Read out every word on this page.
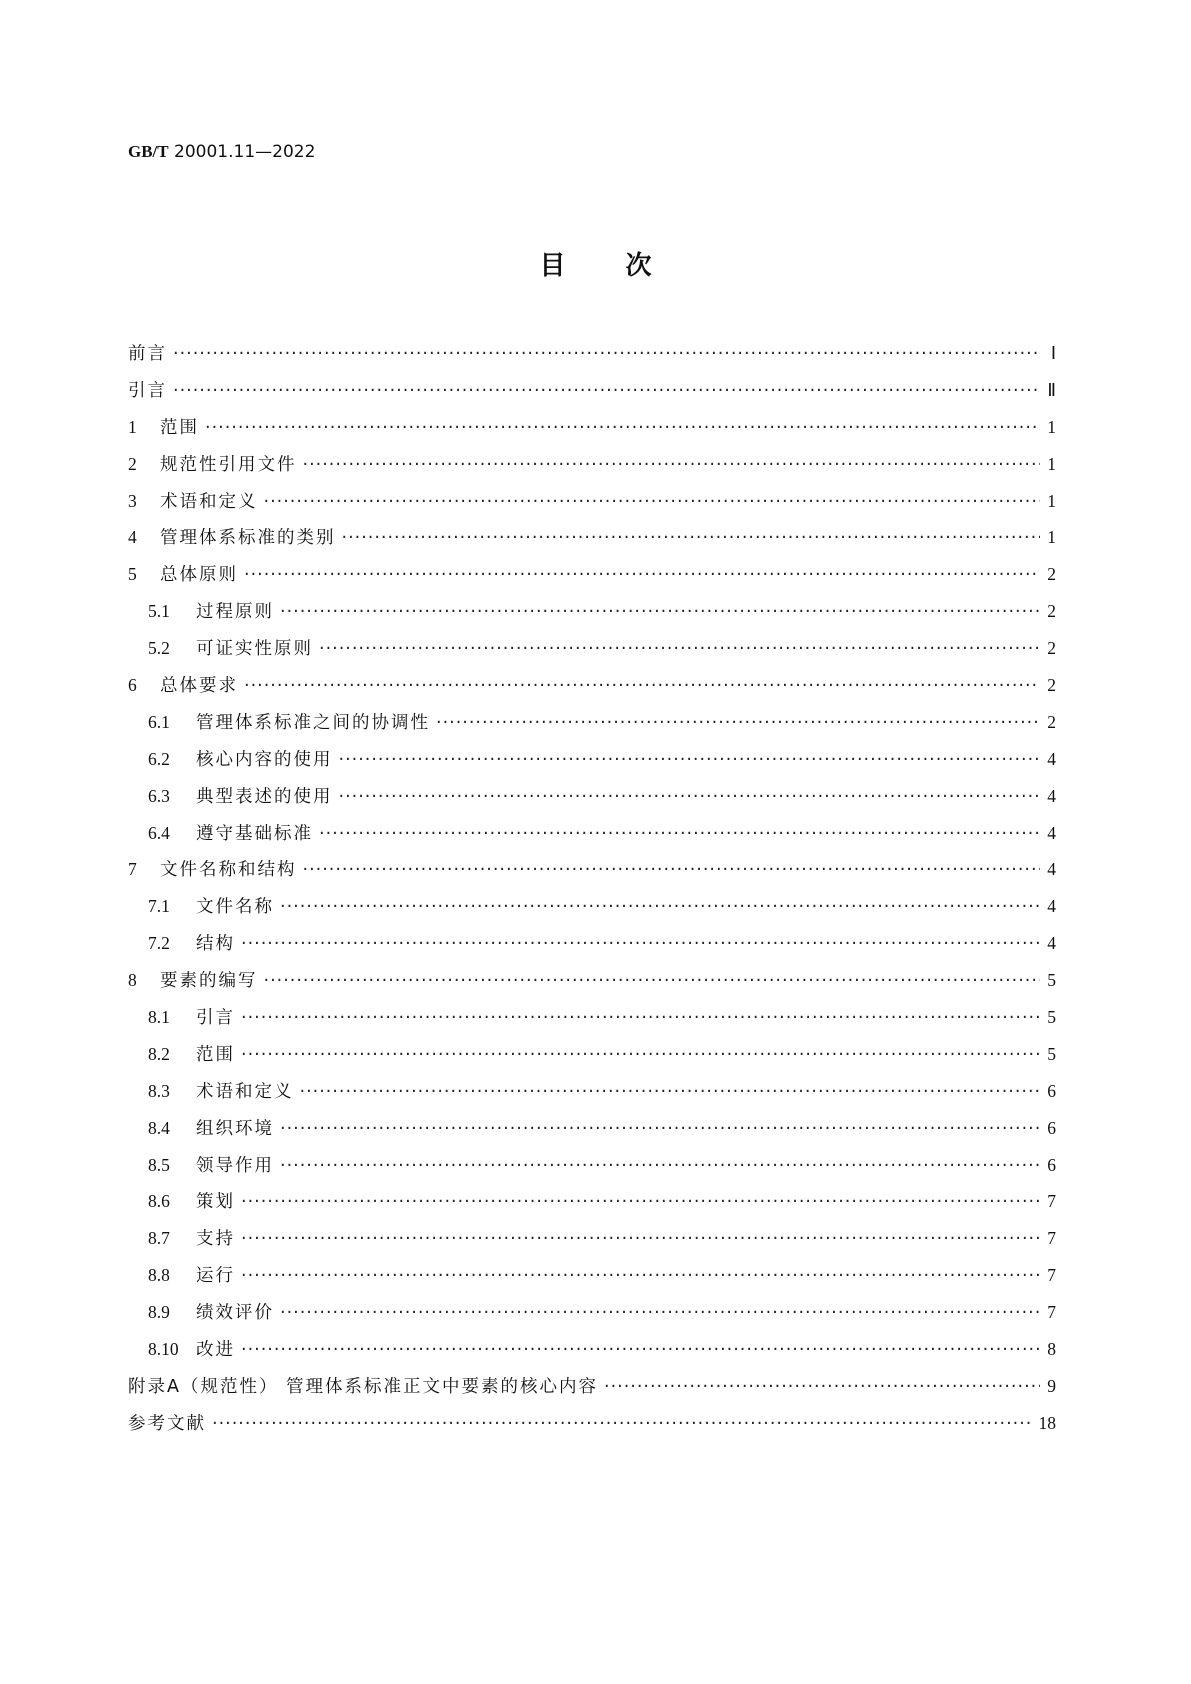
GB/T 20001.11—2022
目 次
前言 ·····	Ⅰ
引言 ·····	Ⅱ
1	范围 ·····	1
2	规范性引用文件 ·····	1
3	术语和定义 ·····	1
4	管理体系标准的类别 ·····	1
5	总体原则 ·····	2
5.1	过程原则 ·····	2
5.2	可证实性原则 ·····	2
6	总体要求 ·····	2
6.1	管理体系标准之间的协调性 ·····	2
6.2	核心内容的使用 ·····	4
6.3	典型表述的使用 ·····	4
6.4	遵守基础标准 ·····	4
7	文件名称和结构 ·····	4
7.1	文件名称 ·····	4
7.2	结构 ·····	4
8	要素的编写 ·····	5
8.1	引言 ·····	5
8.2	范围 ·····	5
8.3	术语和定义 ·····	6
8.4	组织环境 ·····	6
8.5	领导作用 ·····	6
8.6	策划 ·····	7
8.7	支持 ·····	7
8.8	运行 ·····	7
8.9	绩效评价 ·····	7
8.10 改进 ·····	8
附录A（规范性） 管理体系标准正文中要素的核心内容 ·····	9
参考文献 ·····	18
